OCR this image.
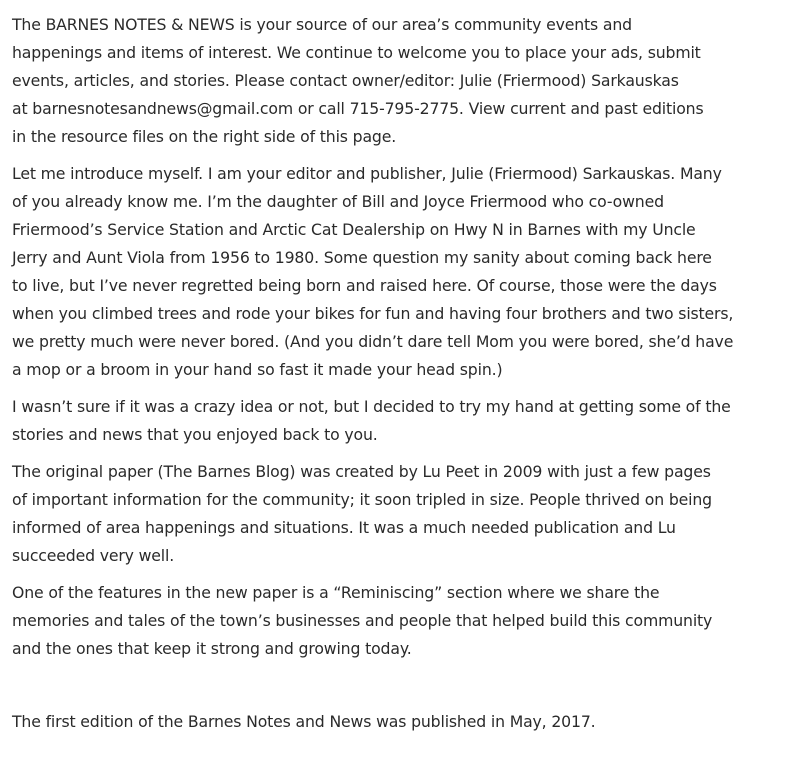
The BARNES NOTES & NEWS is your source of our area’s community events and
happenings and items of interest. We continue to welcome you to place your ads, submit
events, articles, and stories. Please contact owner/editor: Julie (Friermood) Sarkauskas
at barnesnotesandnews@gmail.com or call 715-795-2775. View current and past editions
in the resource files on the right side of this page.

Let me introduce myself. I am your editor and publisher, Julie (Friermood) Sarkauskas. Many
of you already know me. I’m the daughter of Bill and Joyce Friermood who co-owned
Friermood’s Service Station and Arctic Cat Dealership on Hwy N in Barnes with my Uncle
Jerry and Aunt Viola from 1956 to 1980. Some question my sanity about coming back here
to live, but I’ve never regretted being born and raised here. Of course, those were the days
when you climbed trees and rode your bikes for fun and having four brothers and two sisters,
we pretty much were never bored. (And you didn’t dare tell Mom you were bored, she’d have
a mop or a broom in your hand so fast it made your head spin.)

I wasn’t sure if it was a crazy idea or not, but I decided to try my hand at getting some of the
stories and news that you enjoyed back to you.

The original paper (The Barnes Blog) was created by Lu Peet in 2009 with just a few pages
of important information for the community; it soon tripled in size. People thrived on being
informed of area happenings and situations. It was a much needed publication and Lu
succeeded very well.

One of the features in the new paper is a “Reminiscing” section where we share the
memories and tales of the town’s businesses and people that helped build this community
and the ones that keep it strong and growing today.

The first edition of the Barnes Notes and News was published in May, 2017.
